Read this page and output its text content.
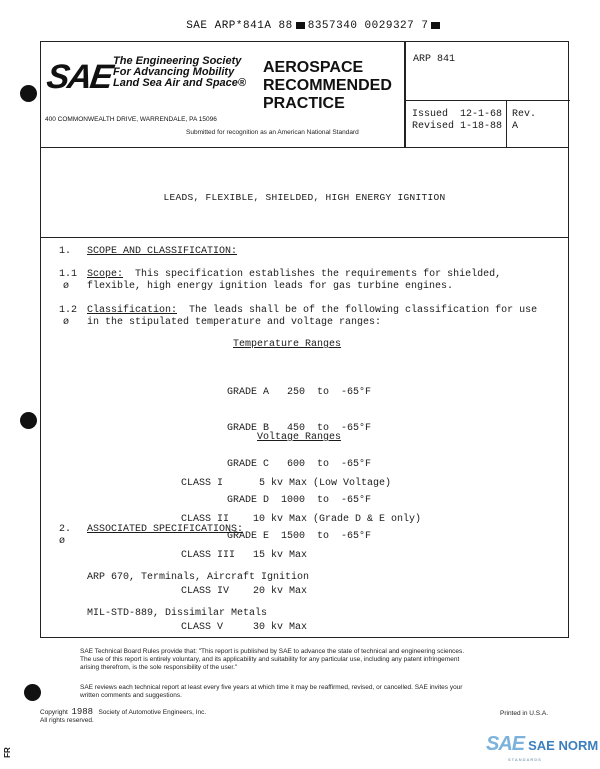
SAE ARP*841A 88 8357340 0029327 7

SAE The Engineering Society
For Advancing Mobility
Land Sea Air and Space®
400 COMMONWEALTH DRIVE, WARRENDALE, PA 15096
AEROSPACE
RECOMMENDED
PRACTICE
Submitted for recognition as an American National Standard
ARP 841
Issued  12-1-68
Revised 1-18-88
Rev.
A
LEADS, FLEXIBLE, SHIELDED, HIGH ENERGY IGNITION
1. SCOPE AND CLASSIFICATION:
1.1 Scope:  This specification establishes the requirements for shielded,
ø flexible, high energy ignition leads for gas turbine engines.
1.2 Classification:  The leads shall be of the following classification for use
ø in the stipulated temperature and voltage ranges:
Temperature Ranges

GRADE A   250  to  -65°F

GRADE B   450  to  -65°F

GRADE C   600  to  -65°F

GRADE D  1000  to  -65°F

GRADE E  1500  to  -65°F

Voltage Ranges

CLASS I      5 kv Max (Low Voltage)

CLASS II    10 kv Max (Grade D & E only)

CLASS III   15 kv Max

CLASS IV    20 kv Max

CLASS V     30 kv Max

2. ASSOCIATED SPECIFICATIONS:
ø

ARP 670, Terminals, Aircraft Ignition

MIL-STD-889, Dissimilar Metals

SAE Technical Board Rules provide that: "This report is published by SAE to advance the state of technical and engineering sciences.
The use of this report is entirely voluntary, and its applicability and suitability for any particular use, including any patent infringement
arising therefrom, is the sole responsibility of the user."
SAE reviews each technical report at least every five years at which time it may be reaffirmed, revised, or cancelled. SAE invites your
written comments and suggestions.
Copyright 1988 Society of Automotive Engineers, Inc.
All rights reserved.
Printed in U.S.A.
SAE SAE NORM
STANDARDS
FR
